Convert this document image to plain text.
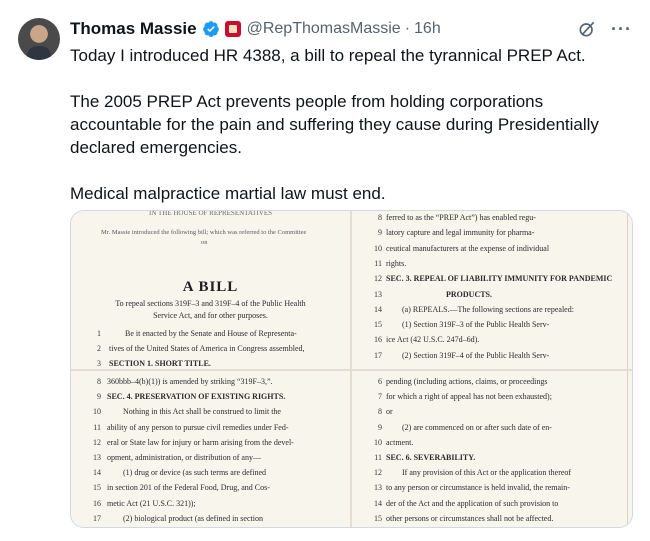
Thomas Massie	@RepThomasMassie · 16h	···

Today I introduced HR 4388, a bill to repeal the tyrannical PREP Act.

The 2005 PREP Act prevents people from holding corporations accountable for the pain and suffering they cause during Presidentially declared emergencies.

Medical malpractice martial law must end.

IN THE HOUSE OF REPRESENTATIVES
Mr. Massie introduced the following bill; which was referred to the Committee
on
A BILL
To repeal sections 319F–3 and 319F–4 of the Public Health
Service Act, and for other purposes.
1	Be it enacted by the Senate and House of Representa-
2 tives of the United States of America in Congress assembled,
3 SECTION 1. SHORT TITLE.
8 ferred to as the “PREP Act”) has enabled regu-
9 latory capture and legal immunity for pharma-
10 ceutical manufacturers at the expense of individual
11 rights.
12 SEC. 3. REPEAL OF LIABILITY IMMUNITY FOR PANDEMIC
13	PRODUCTS.
14	(a) REPEALS.—The following sections are repealed:
15	(1) Section 319F–3 of the Public Health Serv-
16 ice Act (42 U.S.C. 247d–6d).
17	(2) Section 319F–4 of the Public Health Serv-
8 360bbb–4(b)(1)) is amended by striking “319F–3,”.
9 SEC. 4. PRESERVATION OF EXISTING RIGHTS.
10	Nothing in this Act shall be construed to limit the
11 ability of any person to pursue civil remedies under Fed-
12 eral or State law for injury or harm arising from the devel-
13 opment, administration, or distribution of any—
14	(1) drug or device (as such terms are defined
15 in section 201 of the Federal Food, Drug, and Cos-
16 metic Act (21 U.S.C. 321));
17	(2) biological product (as defined in section
6 pending (including actions, claims, or proceedings
7 for which a right of appeal has not been exhausted);
8 or
9	(2) are commenced on or after such date of en-
10 actment.
11 SEC. 6. SEVERABILITY.
12	If any provision of this Act or the application thereof
13 to any person or circumstance is held invalid, the remain-
14 der of the Act and the application of such provision to
15 other persons or circumstances shall not be affected.
